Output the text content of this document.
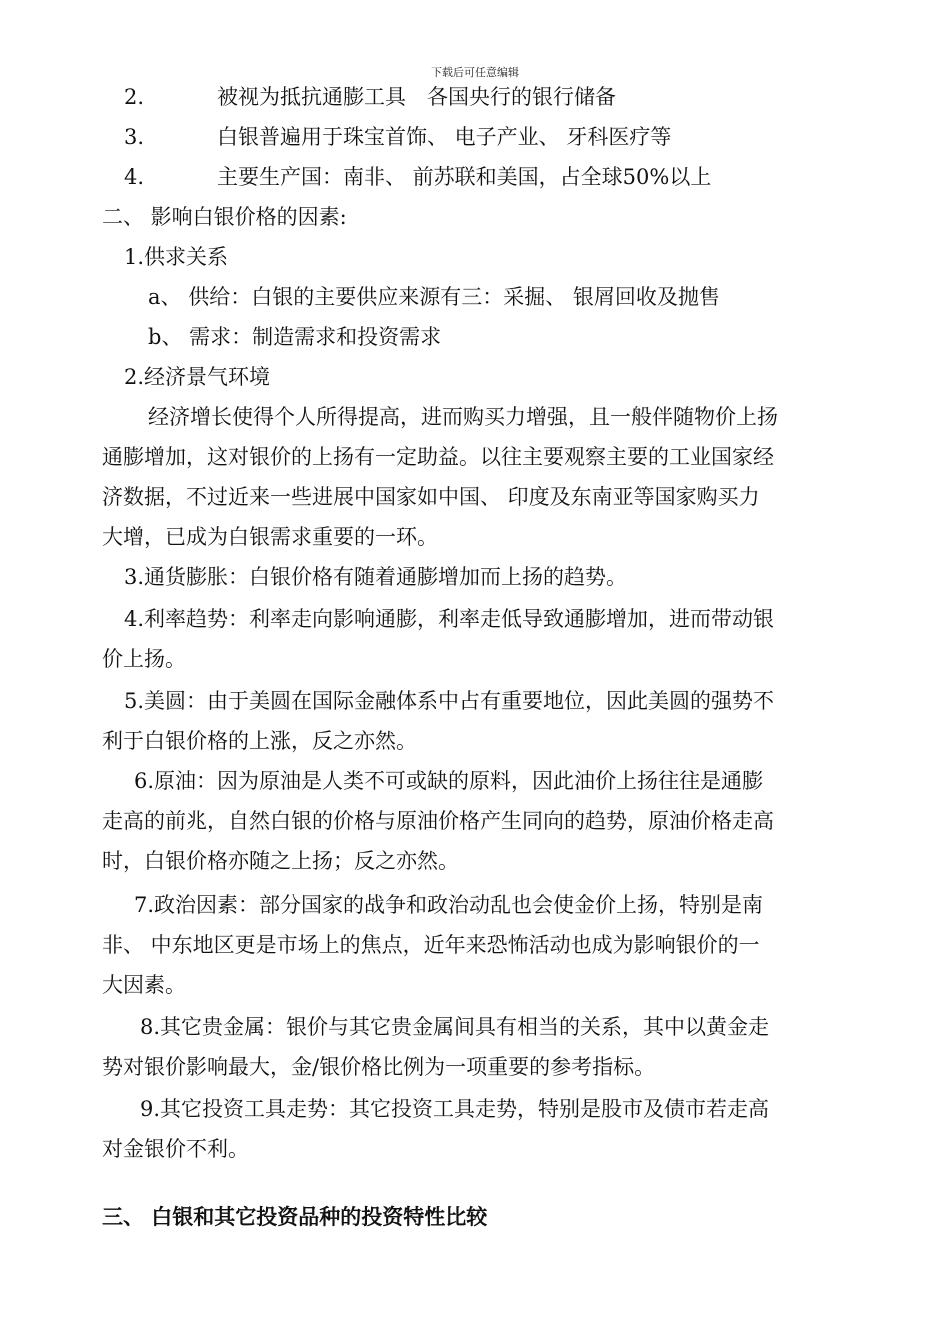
下载后可任意编辑
2.	被视为抵抗通膨工具　各国央行的银行储备
3.	白银普遍用于珠宝首饰、 电子产业、 牙科医疗等
4.	主要生产国：南非、 前苏联和美国，占全球50%以上
二、 影响白银价格的因素:
1.供求关系
a、 供给：白银的主要供应来源有三：采掘、 银屑回收及抛售
b、 需求：制造需求和投资需求
2.经济景气环境
经济增长使得个人所得提高，进而购买力增强，且一般伴随物价上扬
通膨增加，这对银价的上扬有一定助益。以往主要观察主要的工业国家经
济数据，不过近来一些进展中国家如中国、 印度及东南亚等国家购买力
大增，已成为白银需求重要的一环。
3.通货膨胀：白银价格有随着通膨增加而上扬的趋势。
4.利率趋势：利率走向影响通膨，利率走低导致通膨增加，进而带动银
价上扬。
5.美圆：由于美圆在国际金融体系中占有重要地位，因此美圆的强势不
利于白银价格的上涨，反之亦然。
6.原油：因为原油是人类不可或缺的原料，因此油价上扬往往是通膨
走高的前兆，自然白银的价格与原油价格产生同向的趋势，原油价格走高
时，白银价格亦随之上扬；反之亦然。
7.政治因素：部分国家的战争和政治动乱也会使金价上扬，特别是南
非、 中东地区更是市场上的焦点，近年来恐怖活动也成为影响银价的一
大因素。
8.其它贵金属：银价与其它贵金属间具有相当的关系，其中以黄金走
势对银价影响最大，金/银价格比例为一项重要的参考指标。
9.其它投资工具走势：其它投资工具走势，特别是股市及债市若走高
对金银价不利。
三、 白银和其它投资品种的投资特性比较
